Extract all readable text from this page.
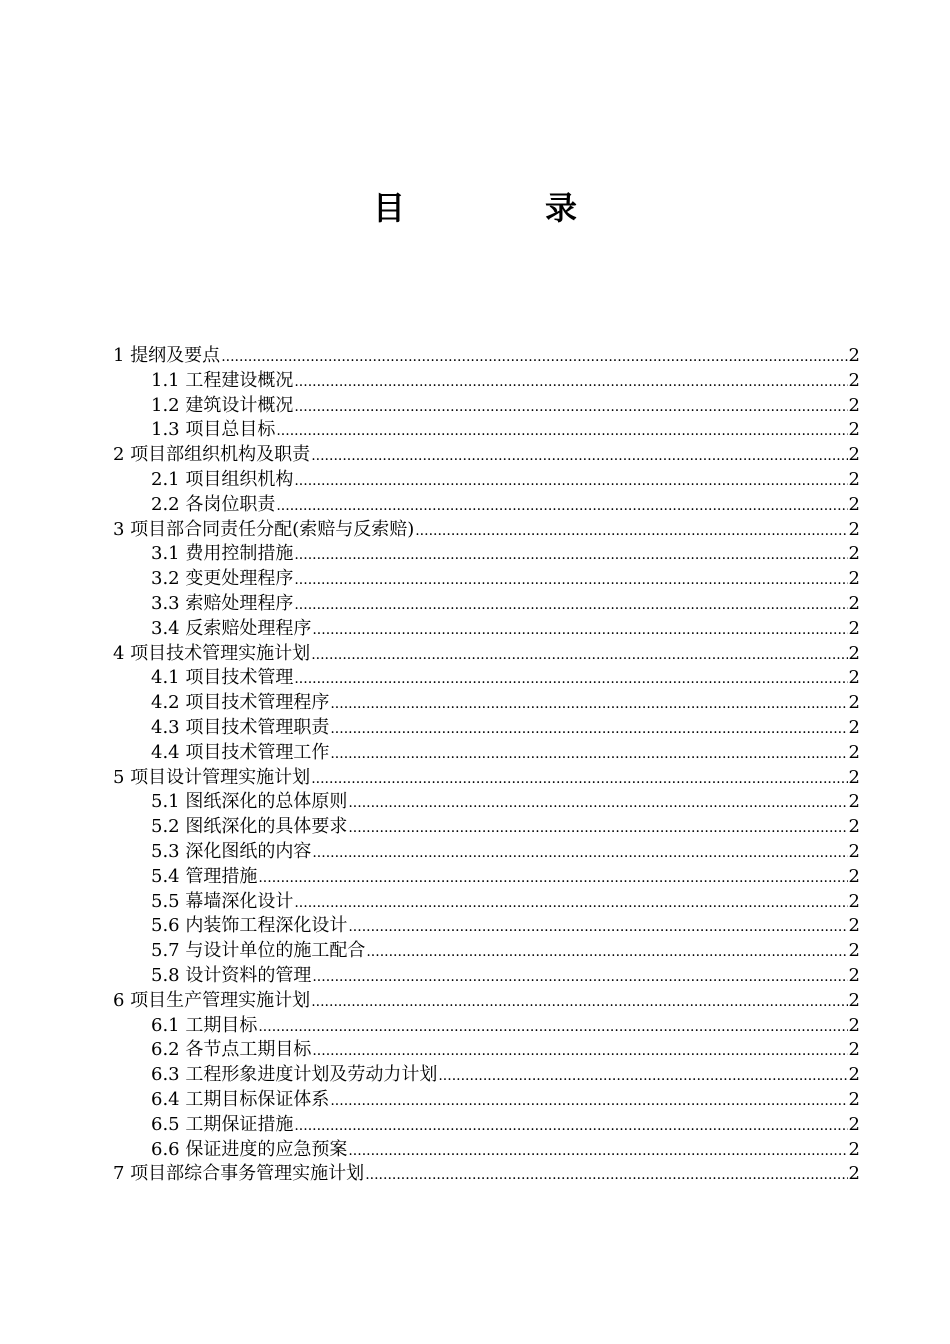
目　录
1 提纲及要点 .....	2
1.1 工程建设概况 .....	2
1.2 建筑设计概况 .....	2
1.3 项目总目标 .....	2
2 项目部组织机构及职责 .....	2
2.1 项目组织机构 .....	2
2.2 各岗位职责 .....	2
3 项目部合同责任分配(索赔与反索赔) .....	2
3.1 费用控制措施 .....	2
3.2 变更处理程序 .....	2
3.3 索赔处理程序 .....	2
3.4 反索赔处理程序 .....	2
4 项目技术管理实施计划 .....	2
4.1 项目技术管理 .....	2
4.2 项目技术管理程序 .....	2
4.3 项目技术管理职责 .....	2
4.4 项目技术管理工作 .....	2
5 项目设计管理实施计划 .....	2
5.1 图纸深化的总体原则 .....	2
5.2 图纸深化的具体要求 .....	2
5.3 深化图纸的内容 .....	2
5.4 管理措施 .....	2
5.5 幕墙深化设计 .....	2
5.6 内装饰工程深化设计 .....	2
5.7 与设计单位的施工配合 .....	2
5.8 设计资料的管理 .....	2
6 项目生产管理实施计划 .....	2
6.1 工期目标 .....	2
6.2 各节点工期目标 .....	2
6.3 工程形象进度计划及劳动力计划 .....	2
6.4 工期目标保证体系 .....	2
6.5 工期保证措施 .....	2
6.6 保证进度的应急预案 .....	2
7 项目部综合事务管理实施计划 .....	2
